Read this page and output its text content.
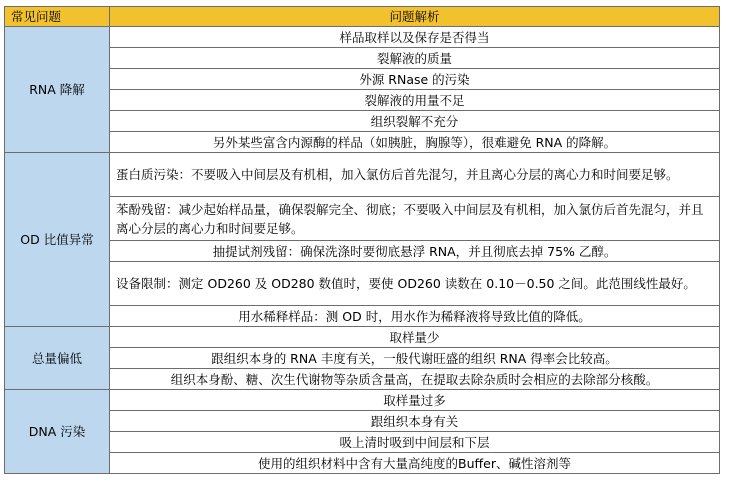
常见问题	问题解析
RNA 降解	样品取样以及保存是否得当
	裂解液的质量
	外源 RNase 的污染
	裂解液的用量不足
	组织裂解不充分
	另外某些富含内源酶的样品（如胰脏，胸腺等），很难避免 RNA 的降解。
OD 比值异常	蛋白质污染：不要吸入中间层及有机相，加入氯仿后首先混匀，并且离心分层的离心力和时间要足够。
	苯酚残留：减少起始样品量，确保裂解完全、彻底；不要吸入中间层及有机相，加入氯仿后首先混匀，并且离心分层的离心力和时间要足够。
	抽提试剂残留：确保洗涤时要彻底悬浮 RNA，并且彻底去掉 75% 乙醇。
	设备限制：测定 OD260 及 OD280 数值时，要使 OD260 读数在 0.10－0.50 之间。此范围线性最好。
	用水稀释样品：测 OD 时，用水作为稀释液将导致比值的降低。
总量偏低	取样量少
	跟组织本身的 RNA 丰度有关，一般代谢旺盛的组织 RNA 得率会比较高。
	组织本身酚、糖、次生代谢物等杂质含量高，在提取去除杂质时会相应的去除部分核酸。
DNA 污染	取样量过多
	跟组织本身有关
	吸上清时吸到中间层和下层
	使用的组织材料中含有大量高纯度的Buffer、碱性溶剂等
